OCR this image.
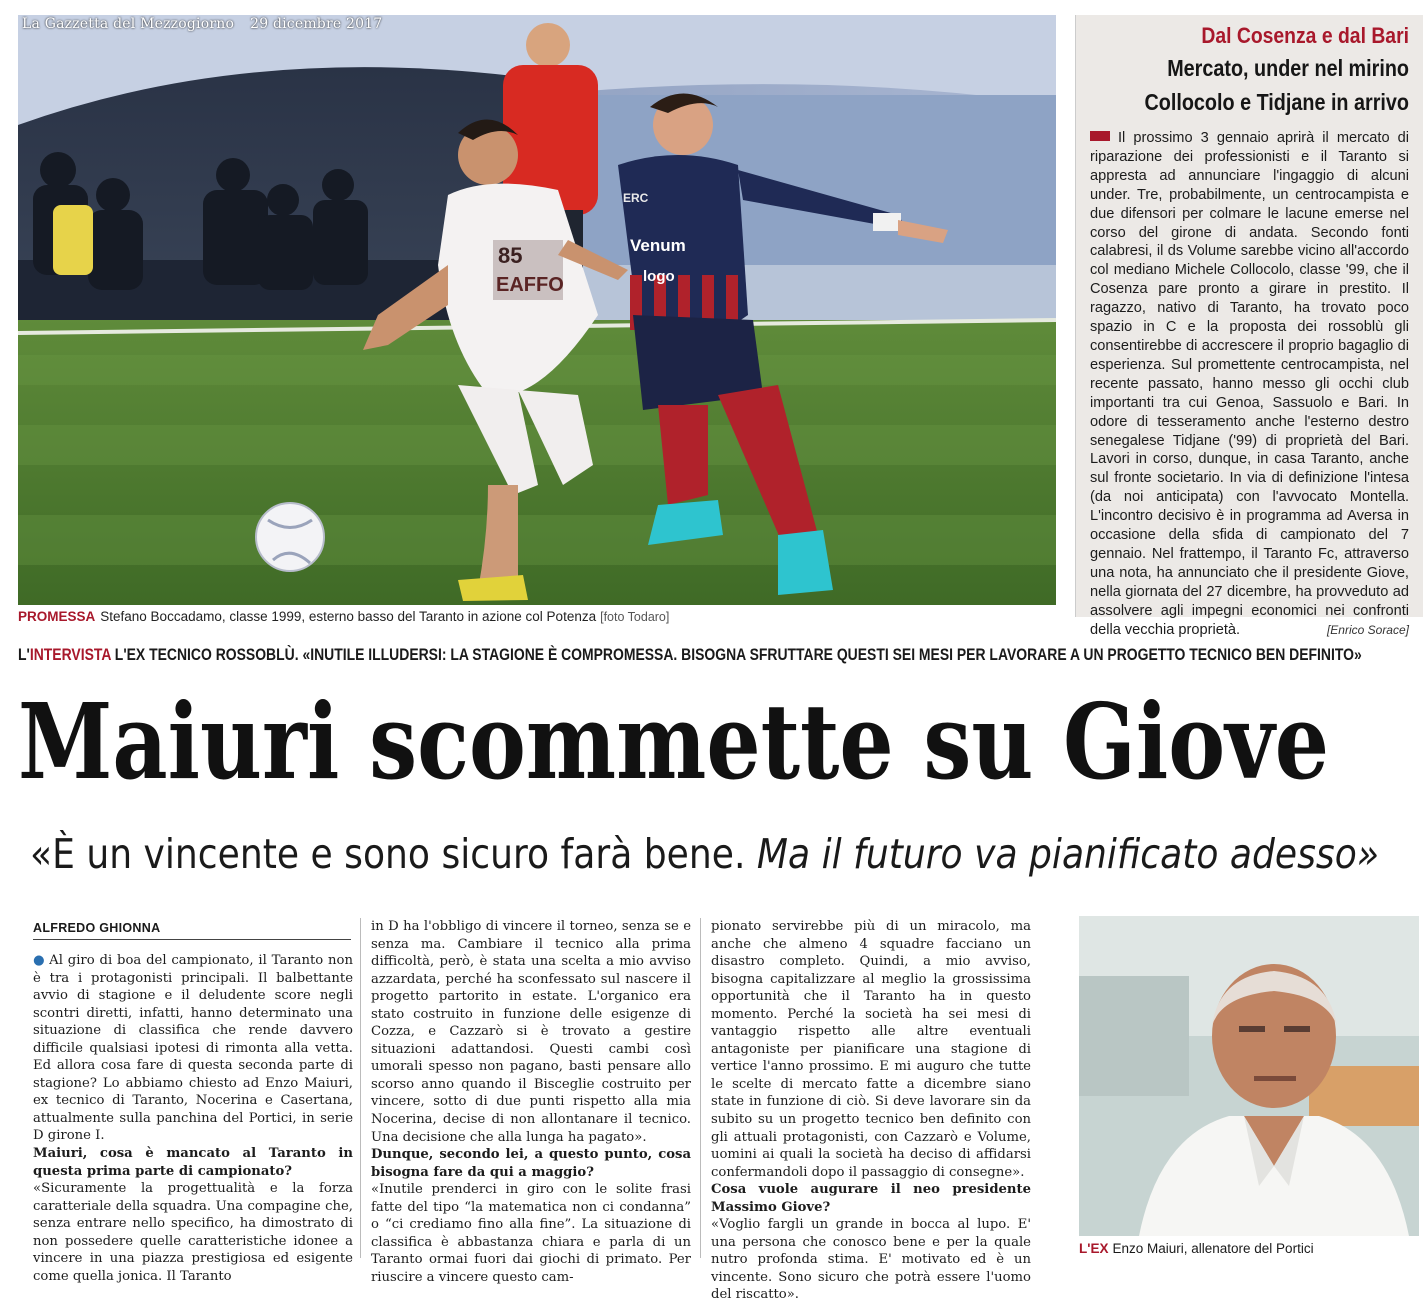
85
EAFFO
ERC
Venum
logo
La Gazzetta del Mezzogiorno 29 dicembre 2017
PROMESSA Stefano Boccadamo, classe 1999, esterno basso del Taranto in azione col Potenza [foto Todaro]
Dal Cosenza e dal Bari
Mercato, under nel mirino
Collocolo e Tidjane in arrivo
Il prossimo 3 gennaio aprirà il mercato di riparazione dei professionisti e il Taranto si appresta ad annunciare l'ingaggio di alcuni under. Tre, probabilmente, un centrocampista e due difensori per colmare le lacune emerse nel corso del girone di andata. Secondo fonti calabresi, il ds Volume sarebbe vicino all'accordo col mediano Michele Collocolo, classe '99, che il Cosenza pare pronto a girare in prestito. Il ragazzo, nativo di Taranto, ha trovato poco spazio in C e la proposta dei rossoblù gli consentirebbe di accrescere il proprio bagaglio di esperienza. Sul promettente centrocampista, nel recente passato, hanno messo gli occhi club importanti tra cui Genoa, Sassuolo e Bari. In odore di tesseramento anche l'esterno destro senegalese Tidjane ('99) di proprietà del Bari. Lavori in corso, dunque, in casa Taranto, anche sul fronte societario. In via di definizione l'intesa (da noi anticipata) con l'avvocato Montella. L'incontro decisivo è in programma ad Aversa in occasione della sfida di campionato del 7 gennaio. Nel frattempo, il Taranto Fc, attraverso una nota, ha annunciato che il presidente Giove, nella giornata del 27 dicembre, ha provveduto ad assolvere agli impegni economici nei confronti della vecchia proprietà.	[Enrico Sorace]
L'INTERVISTA L'EX TECNICO ROSSOBLÙ. «INUTILE ILLUDERSI: LA STAGIONE È COMPROMESSA. BISOGNA SFRUTTARE QUESTI SEI MESI PER LAVORARE A UN PROGETTO TECNICO BEN DEFINITO»
Maiuri scommette su Giove
«È un vincente e sono sicuro farà bene. Ma il futuro va pianificato adesso»
ALFREDO GHIONNA

● Al giro di boa del campionato, il Taranto non è tra i protagonisti principali. Il balbettante avvio di stagione e il deludente score negli scontri diretti, infatti, hanno determinato una situazione di classifica che rende davvero difficile qualsiasi ipotesi di rimonta alla vetta. Ed allora cosa fare di questa seconda parte di stagione? Lo abbiamo chiesto ad Enzo Maiuri, ex tecnico di Taranto, Nocerina e Casertana, attualmente sulla panchina del Portici, in serie D girone I.

Maiuri, cosa è mancato al Taranto in questa prima parte di campionato?

«Sicuramente la progettualità e la forza caratteriale della squadra. Una compagine che, senza entrare nello specifico, ha dimostrato di non possedere quelle caratteristiche idonee a vincere in una piazza prestigiosa ed esigente come quella jonica. Il Taranto

in D ha l'obbligo di vincere il torneo, senza se e senza ma. Cambiare il tecnico alla prima difficoltà, però, è stata una scelta a mio avviso azzardata, perché ha sconfessato sul nascere il progetto partorito in estate. L'organico era stato costruito in funzione delle esigenze di Cozza, e Cazzarò si è trovato a gestire situazioni adattandosi. Questi cambi così umorali spesso non pagano, basti pensare allo scorso anno quando il Bisceglie costruito per vincere, sotto di due punti rispetto alla mia Nocerina, decise di non allontanare il tecnico. Una decisione che alla lunga ha pagato».

Dunque, secondo lei, a questo punto, cosa bisogna fare da qui a maggio?

«Inutile prenderci in giro con le solite frasi fatte del tipo “la matematica non ci condanna” o “ci crediamo fino alla fine”. La situazione di classifica è abbastanza chiara e parla di un Taranto ormai fuori dai giochi di primato. Per riuscire a vincere questo cam-

pionato servirebbe più di un miracolo, ma anche che almeno 4 squadre facciano un disastro completo. Quindi, a mio avviso, bisogna capitalizzare al meglio la grossissima opportunità che il Taranto ha in questo momento. Perché la società ha sei mesi di vantaggio rispetto alle altre eventuali antagoniste per pianificare una stagione di vertice l'anno prossimo. E mi auguro che tutte le scelte di mercato fatte a dicembre siano state in funzione di ciò. Si deve lavorare sin da subito su un progetto tecnico ben definito con gli attuali protagonisti, con Cazzarò e Volume, uomini ai quali la società ha deciso di affidarsi confermandoli dopo il passaggio di consegne».

Cosa vuole augurare il neo presidente Massimo Giove?

«Voglio fargli un grande in bocca al lupo. E' una persona che conosco bene e per la quale nutro profonda stima. E' motivato ed è un vincente. Sono sicuro che potrà essere l'uomo del riscatto».

L'EX Enzo Maiuri, allenatore del Portici
